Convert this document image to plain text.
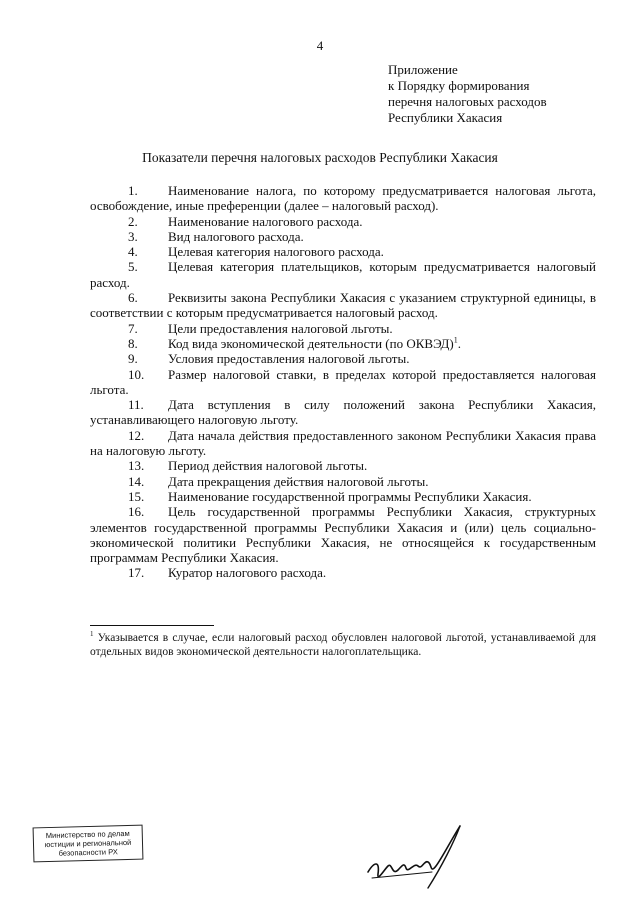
4
Приложение
к Порядку формирования
перечня налоговых расходов
Республики Хакасия
Показатели перечня налоговых расходов Республики Хакасия

1. Наименование налога, по которому предусматривается налоговая льгота, освобождение, иные преференции (далее – налоговый расход).

2. Наименование налогового расхода.

3. Вид налогового расхода.

4. Целевая категория налогового расхода.

5. Целевая категория плательщиков, которым предусматривается налоговый расход.

6. Реквизиты закона Республики Хакасия с указанием структурной единицы, в соответствии с которым предусматривается налоговый расход.

7. Цели предоставления налоговой льготы.

8. Код вида экономической деятельности (по ОКВЭД)$^1$.

9. Условия предоставления налоговой льготы.

10. Размер налоговой ставки, в пределах которой предоставляется налоговая льгота.

11. Дата вступления в силу положений закона Республики Хакасия, устанавливающего налоговую льготу.

12. Дата начала действия предоставленного законом Республики Хакасия права на налоговую льготу.

13. Период действия налоговой льготы.

14. Дата прекращения действия налоговой льготы.

15. Наименование государственной программы Республики Хакасия.

16. Цель государственной программы Республики Хакасия, структурных элементов государственной программы Республики Хакасия и (или) цель социально-экономической политики Республики Хакасия, не относящейся к государственным программам Республики Хакасия.

17. Куратор налогового расхода.

$^1$ Указывается в случае, если налоговый расход обусловлен налоговой льготой, устанавливаемой для отдельных видов экономической деятельности налогоплательщика.
Министерство по делам
юстиции и региональной
безопасности РХ
